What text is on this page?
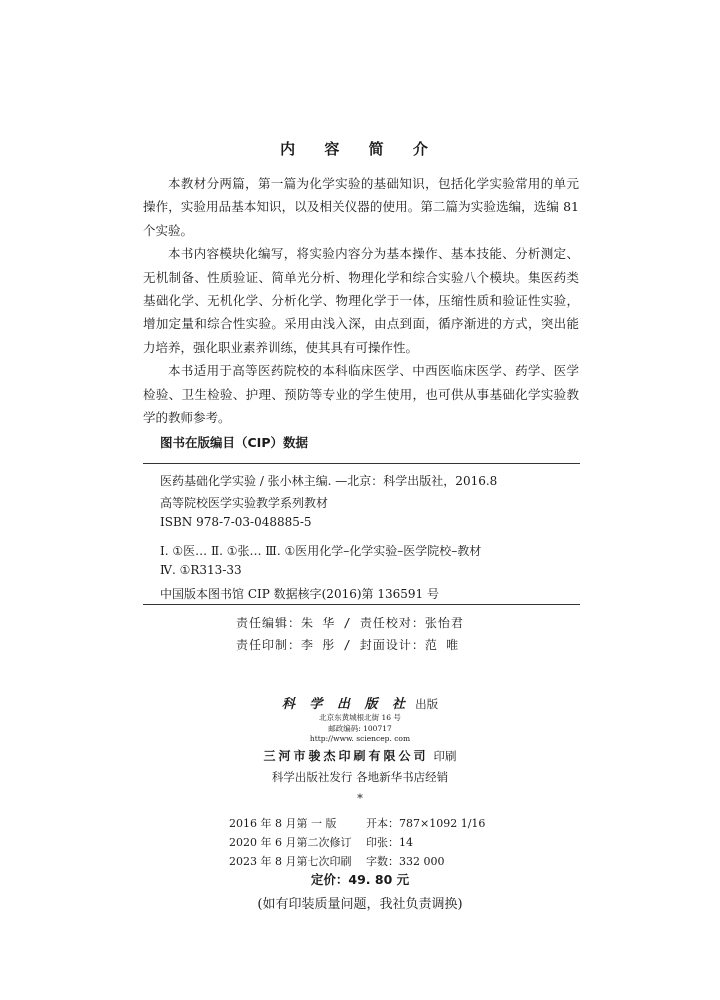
内 容 简 介

本教材分两篇，第一篇为化学实验的基础知识，包括化学实验常用的单元操作，实验用品基本知识，以及相关仪器的使用。第二篇为实验选编，选编 81 个实验。

本书内容模块化编写，将实验内容分为基本操作、基本技能、分析测定、无机制备、性质验证、简单光分析、物理化学和综合实验八个模块。集医药类基础化学、无机化学、分析化学、物理化学于一体，压缩性质和验证性实验，增加定量和综合性实验。采用由浅入深，由点到面，循序渐进的方式，突出能力培养，强化职业素养训练，使其具有可操作性。

本书适用于高等医药院校的本科临床医学、中西医临床医学、药学、医学检验、卫生检验、护理、预防等专业的学生使用，也可供从事基础化学实验教学的教师参考。

图书在版编目（CIP）数据
医药基础化学实验 / 张小林主编. —北京：科学出版社，2016.8
高等院校医学实验教学系列教材
ISBN 978-7-03-048885-5
Ⅰ. ①医… Ⅱ. ①张… Ⅲ. ①医用化学–化学实验–医学院校–教材
Ⅳ. ①R313-33
中国版本图书馆 CIP 数据核字(2016)第 136591 号
责任编辑：朱 华 / 责任校对：张怡君
责任印制：李 彤 / 封面设计：范 唯
科 学 出 版 社 出版
北京东黄城根北街 16 号
邮政编码: 100717
http://www. sciencep. com
三河市骏杰印刷有限公司 印刷
科学出版社发行 各地新华书店经销
*
2016 年 8 月第 一 版	开本：787×1092 1/16
2020 年 6 月第二次修订 印张：14
2023 年 8 月第七次印刷 字数：332 000
定价：49. 80 元
(如有印装质量问题，我社负责调换)
